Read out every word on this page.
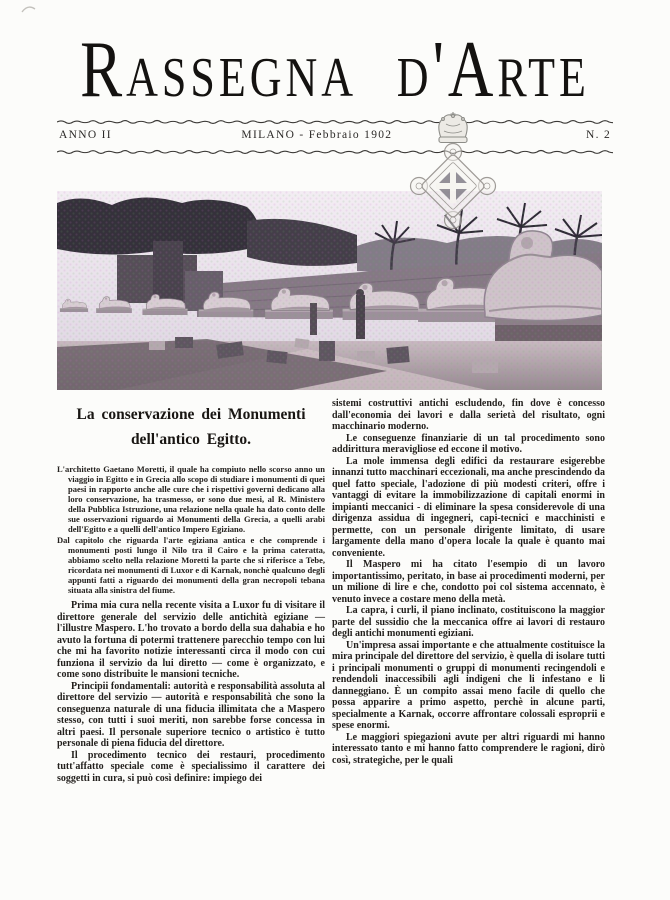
Rassegna d'Arte
ANNO II	MILANO - Febbraio 1902	N. 2
La conservazione dei Monumenti dell'antico Egitto.

L'architetto Gaetano Moretti, il quale ha compiuto nello scorso anno un viaggio in Egitto e in Grecia allo scopo di studiare i monumenti di quei paesi in rapporto anche alle cure che i rispettivi governi dedicano alla loro conservazione, ha trasmesso, or sono due mesi, al R. Ministero della Pubblica Istruzione, una relazione nella quale ha dato conto delle sue osservazioni riguardo ai Monumenti della Grecia, a quelli arabi dell'Egitto e a quelli dell'antico Impero Egiziano.

Dal capitolo che riguarda l'arte egiziana antica e che comprende i monumenti posti lungo il Nilo tra il Cairo e la prima cateratta, abbiamo scelto nella relazione Moretti la parte che si riferisce a Tebe, ricordata nei monumenti di Luxor e di Karnak, nonchè qualcuno degli appunti fatti a riguardo dei monumenti della gran necropoli tebana situata alla sinistra del fiume.

Prima mia cura nella recente visita a Luxor fu di visitare il direttore generale del servizio delle antichità egiziane — l'illustre Maspero. L'ho trovato a bordo della sua dahabia e ho avuto la fortuna di potermi trattenere parecchio tempo con lui che mi ha favorito notizie interessanti circa il modo con cui funziona il servizio da lui diretto — come è organizzato, e come sono distribuite le mansioni tecniche.

Principii fondamentali: autorità e responsabilità assoluta al direttore del servizio — autorità e responsabilità che sono la conseguenza naturale di una fiducia illimitata che a Maspero stesso, con tutti i suoi meriti, non sarebbe forse concessa in altri paesi. Il personale superiore tecnico o artistico è tutto personale di piena fiducia del direttore.

Il procedimento tecnico dei restauri, procedimento tutt'affatto speciale come è specialissimo il carattere dei soggetti in cura, si può così definire: impiego dei

sistemi costruttivi antichi escludendo, fin dove è concesso dall'economia dei lavori e dalla serietà del risultato, ogni macchinario moderno.

Le conseguenze finanziarie di un tal procedimento sono addirittura meravigliose ed eccone il motivo.

La mole immensa degli edifici da restaurare esigerebbe innanzi tutto macchinari eccezionali, ma anche prescindendo da quel fatto speciale, l'adozione di più modesti criteri, offre i vantaggi di evitare la immobilizzazione di capitali enormi in impianti meccanici - di eliminare la spesa considerevole di una dirigenza assidua di ingegneri, capi-tecnici e macchinisti e permette, con un personale dirigente limitato, di usare largamente della mano d'opera locale la quale è quanto mai conveniente.

Il Maspero mi ha citato l'esempio di un lavoro importantissimo, peritato, in base ai procedimenti moderni, per un milione di lire e che, condotto poi col sistema accennato, è venuto invece a costare meno della metà.

La capra, i curli, il piano inclinato, costituiscono la maggior parte del sussidio che la meccanica offre ai lavori di restauro degli antichi monumenti egiziani.

Un'impresa assai importante e che attualmente costituisce la mira principale del direttore del servizio, è quella di isolare tutti i principali monumenti o gruppi di monumenti recingendoli e rendendoli inaccessibili agli indigeni che li infestano e li danneggiano. È un compito assai meno facile di quello che possa apparire a primo aspetto, perchè in alcune parti, specialmente a Karnak, occorre affrontare colossali esproprii e spese enormi.

Le maggiori spiegazioni avute per altri riguardi mi hanno interessato tanto e mi hanno fatto comprendere le ragioni, dirò così, strategiche, per le quali
